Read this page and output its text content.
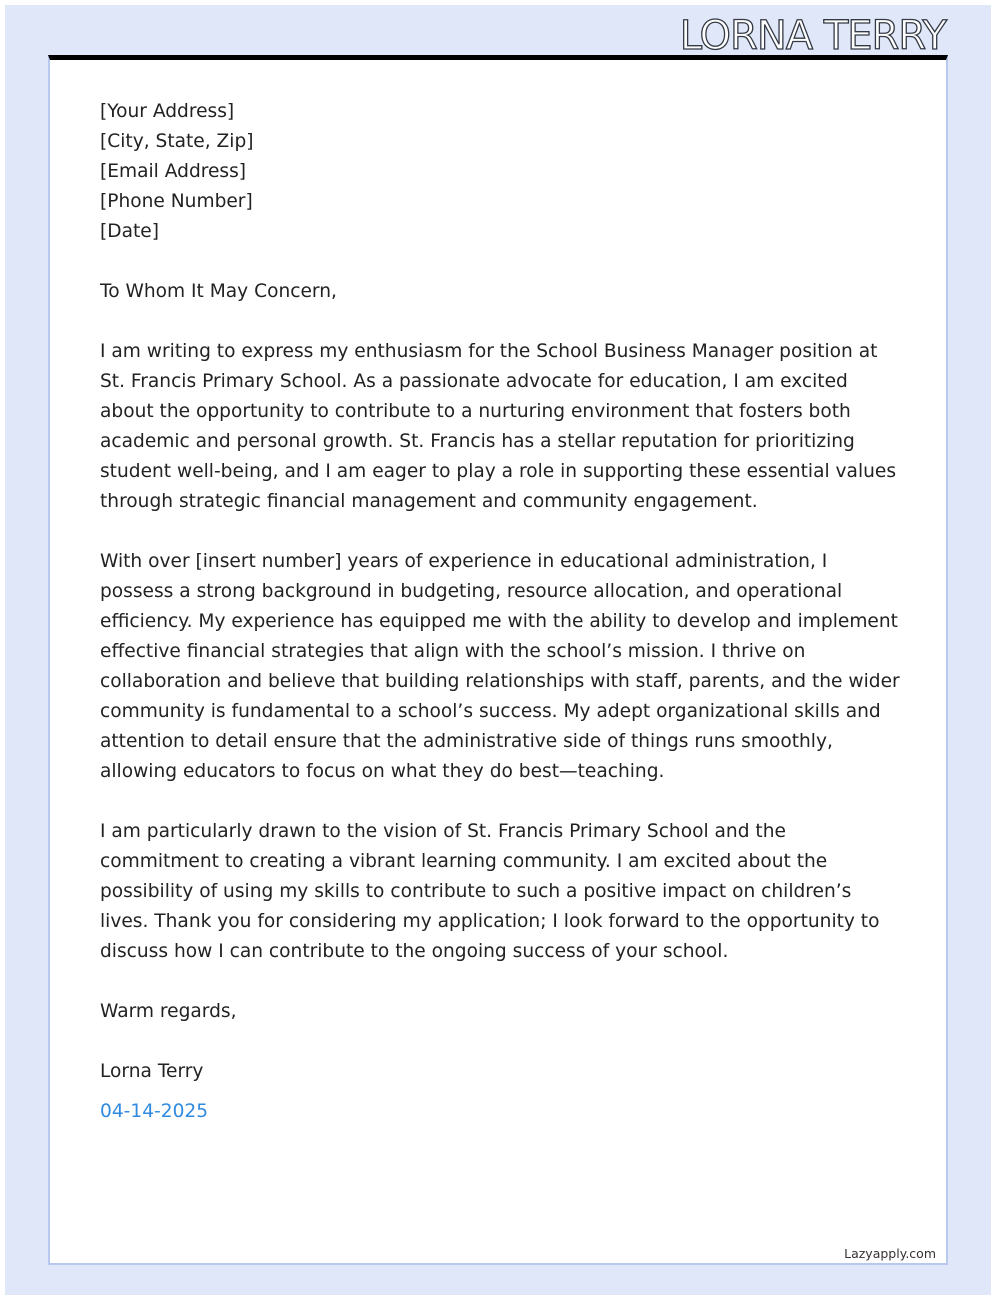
LORNA TERRY

[Your Address]
[City, State, Zip]
[Email Address]
[Phone Number]
[Date]

To Whom It May Concern,

I am writing to express my enthusiasm for the School Business Manager position at St. Francis Primary School. As a passionate advocate for education, I am excited about the opportunity to contribute to a nurturing environment that fosters both academic and personal growth. St. Francis has a stellar reputation for prioritizing student well-being, and I am eager to play a role in supporting these essential values through strategic financial management and community engagement.

With over [insert number] years of experience in educational administration, I possess a strong background in budgeting, resource allocation, and operational efficiency. My experience has equipped me with the ability to develop and implement effective financial strategies that align with the school’s mission. I thrive on collaboration and believe that building relationships with staff, parents, and the wider community is fundamental to a school’s success. My adept organizational skills and attention to detail ensure that the administrative side of things runs smoothly, allowing educators to focus on what they do best—teaching.

I am particularly drawn to the vision of St. Francis Primary School and the commitment to creating a vibrant learning community. I am excited about the possibility of using my skills to contribute to such a positive impact on children’s lives. Thank you for considering my application; I look forward to the opportunity to discuss how I can contribute to the ongoing success of your school.

Warm regards,

Lorna Terry

04-14-2025

Lazyapply.com
